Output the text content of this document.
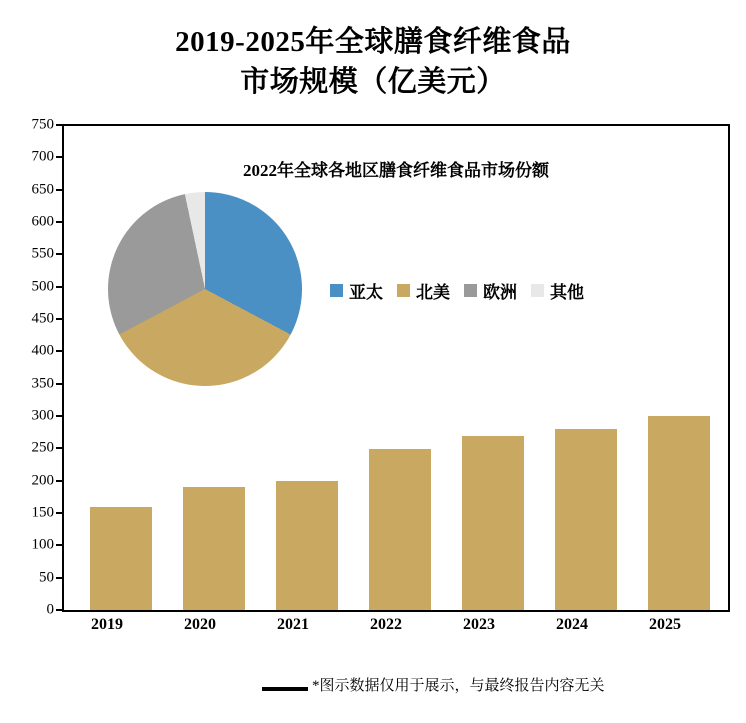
2019-2025年全球膳食纤维食品
市场规模（亿美元）
0
50
100
150
200
250
300
350
400
450
500
550
600
650
700
750
2019	2020	2021	2022	2023	2024	2025
2022年全球各地区膳食纤维食品市场份额
亚太 北美 欧洲 其他
*图示数据仅用于展示，与最终报告内容无关
